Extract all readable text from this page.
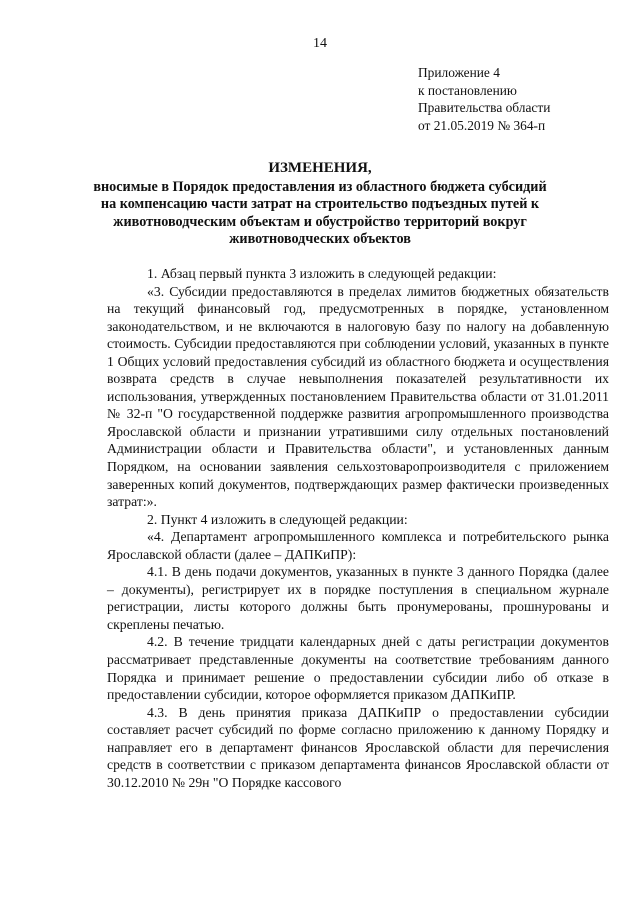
14
Приложение 4
к постановлению
Правительства области
от 21.05.2019 № 364-п
ИЗМЕНЕНИЯ,
вносимые в Порядок предоставления из областного бюджета субсидий на компенсацию части затрат на строительство подъездных путей к животноводческим объектам и обустройство территорий вокруг животноводческих объектов

1. Абзац первый пункта 3 изложить в следующей редакции:

«3. Субсидии предоставляются в пределах лимитов бюджетных обязательств на текущий финансовый год, предусмотренных в порядке, установленном законодательством, и не включаются в налоговую базу по налогу на добавленную стоимость. Субсидии предоставляются при соблюдении условий, указанных в пункте 1 Общих условий предоставления субсидий из областного бюджета и осуществления возврата средств в случае невыполнения показателей результативности их использования, утвержденных постановлением Правительства области от 31.01.2011 № 32-п "О государственной поддержке развития агропромышленного производства Ярославской области и признании утратившими силу отдельных постановлений Администрации области и Правительства области", и установленных данным Порядком, на основании заявления сельхозтоваропроизводителя с приложением заверенных копий документов, подтверждающих размер фактически произведенных затрат:».

2. Пункт 4 изложить в следующей редакции:

«4. Департамент агропромышленного комплекса и потребительского рынка Ярославской области (далее – ДАПКиПР):

4.1. В день подачи документов, указанных в пункте 3 данного Порядка (далее – документы), регистрирует их в порядке поступления в специальном журнале регистрации, листы которого должны быть пронумерованы, прошнурованы и скреплены печатью.

4.2. В течение тридцати календарных дней с даты регистрации документов рассматривает представленные документы на соответствие требованиям данного Порядка и принимает решение о предоставлении субсидии либо об отказе в предоставлении субсидии, которое оформляется приказом ДАПКиПР.

4.3. В день принятия приказа ДАПКиПР о предоставлении субсидии составляет расчет субсидий по форме согласно приложению к данному Порядку и направляет его в департамент финансов Ярославской области для перечисления средств в соответствии с приказом департамента финансов Ярославской области от 30.12.2010 № 29н "О Порядке кассового
